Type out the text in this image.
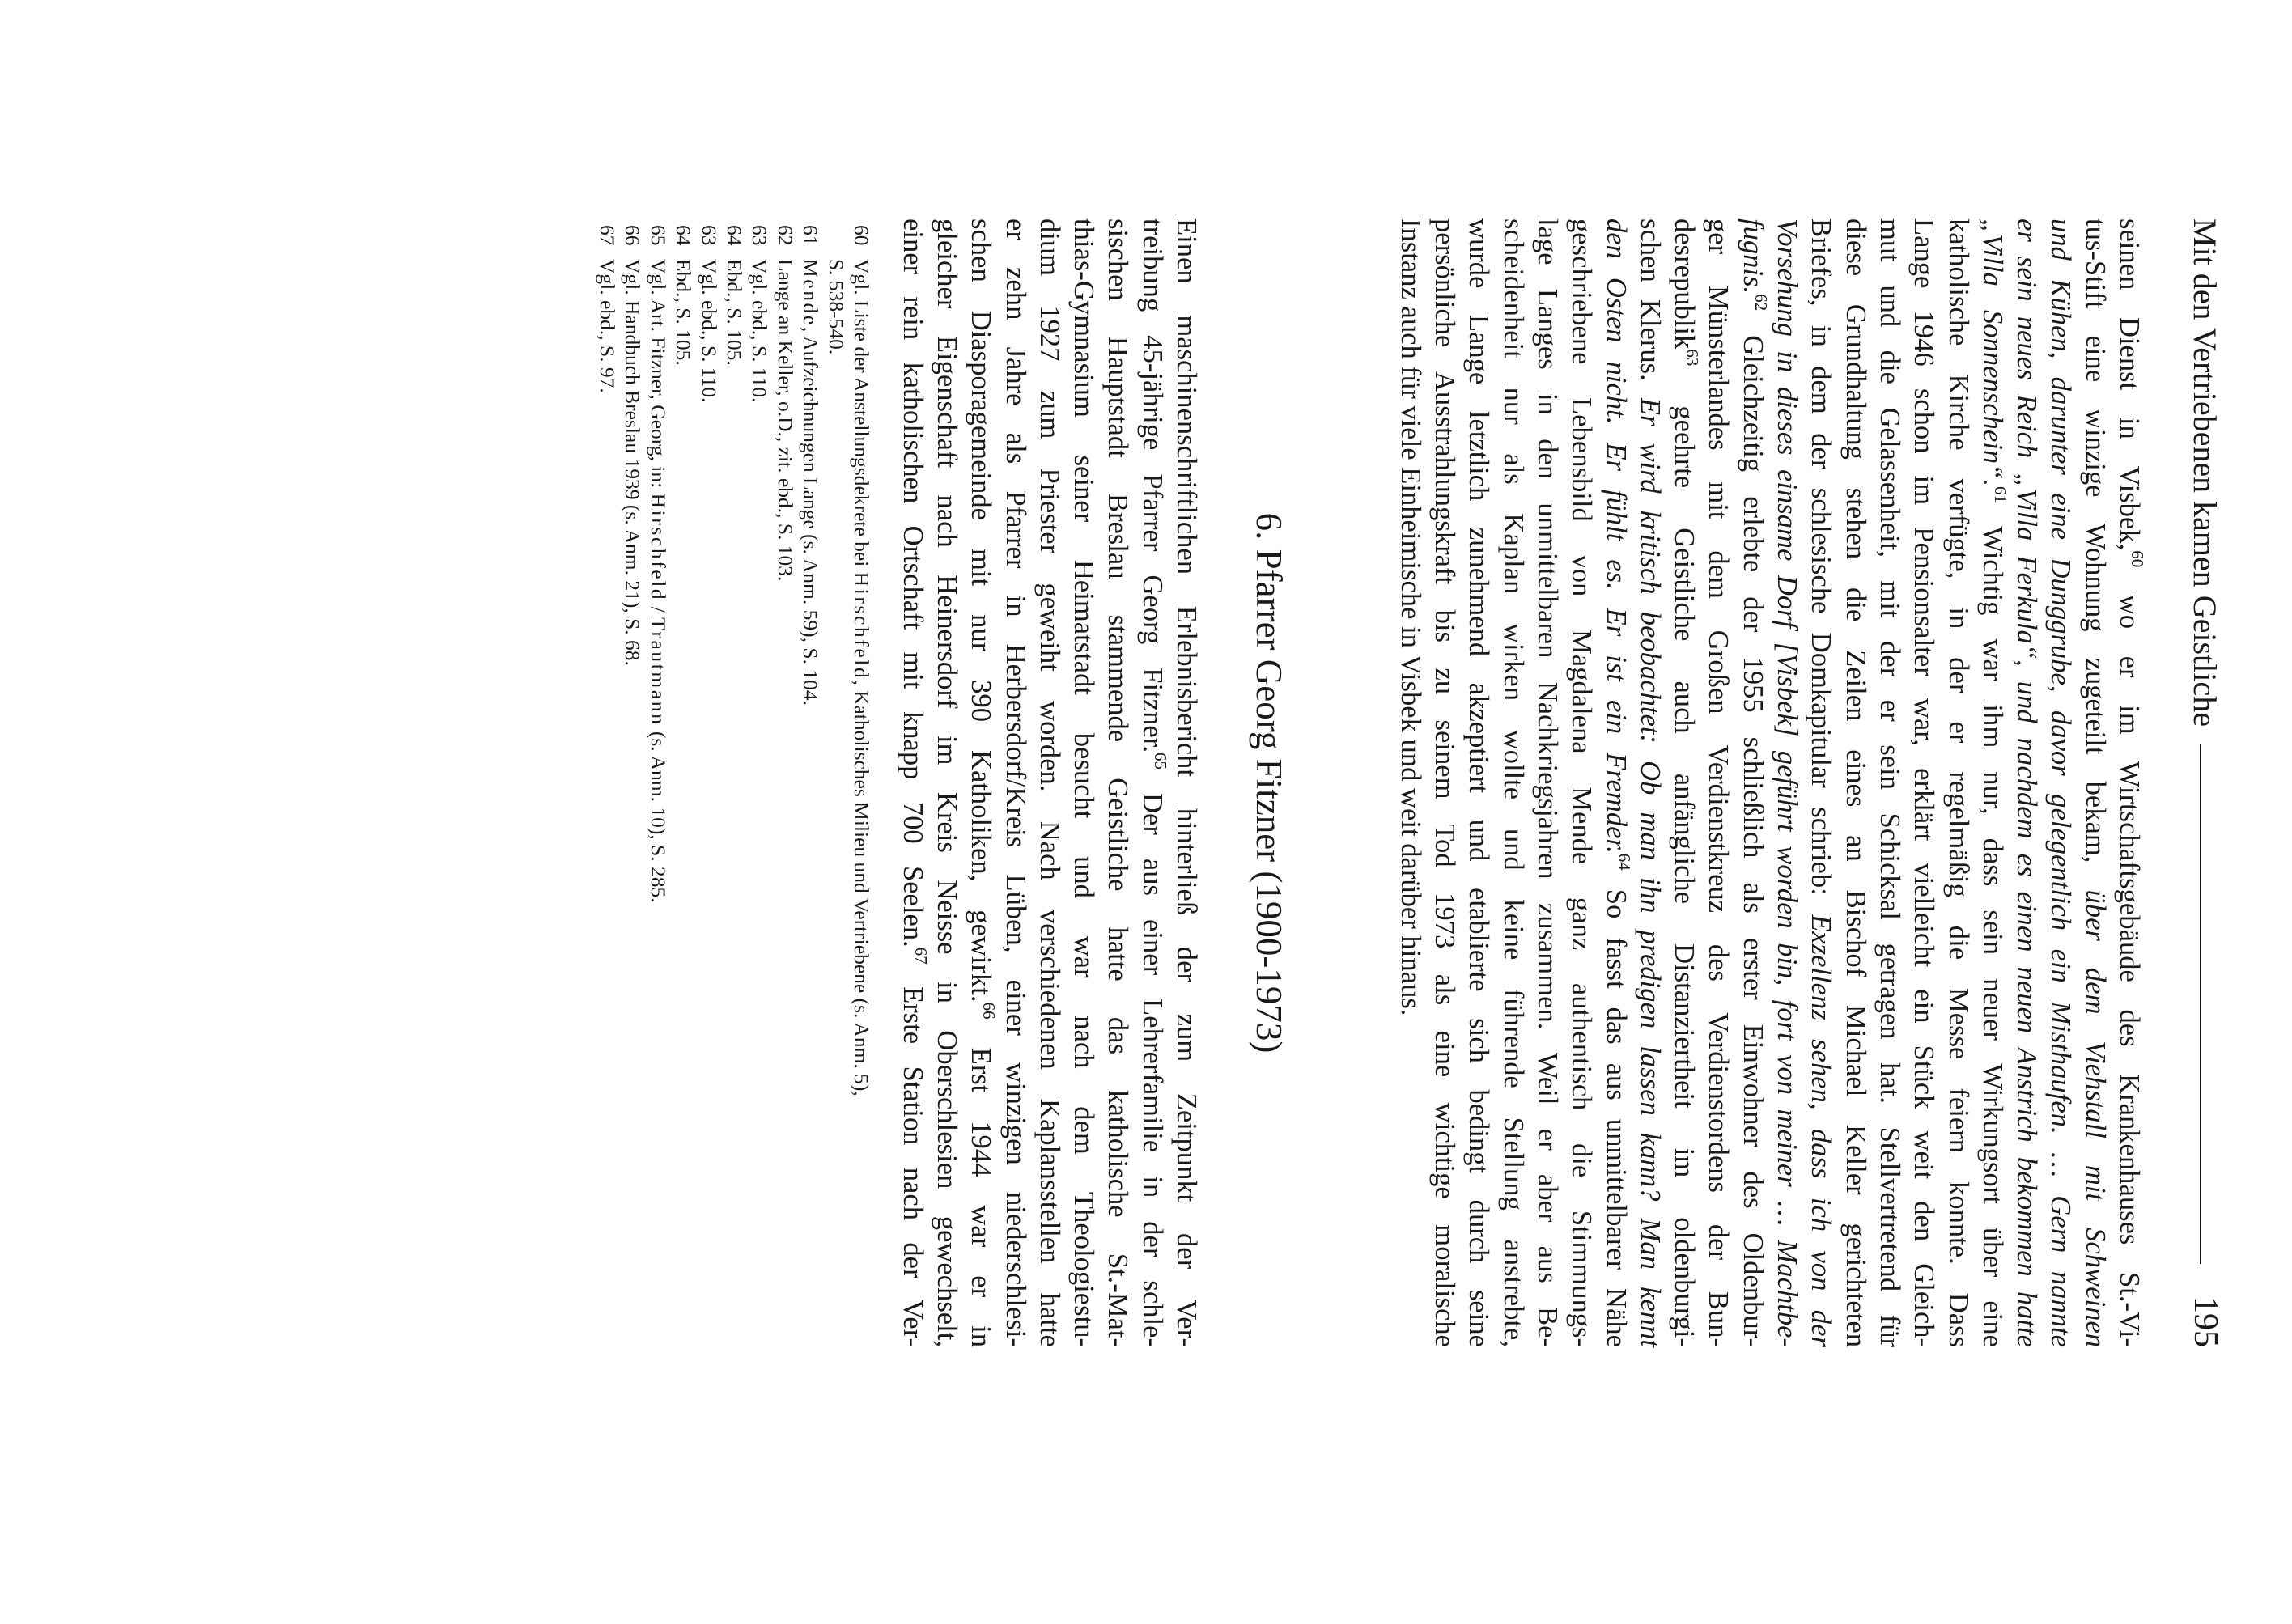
Mit den Vertriebenen kamen Geistliche
195
seinen Dienst in Visbek,$^{60}$ wo er im Wirtschaftsgebäude des Krankenhauses St.-Vi-
tus-Stift eine winzige Wohnung zugeteilt bekam, über dem Viehstall mit Schweinen
und Kühen, darunter eine Dunggrube, davor gelegentlich ein Misthaufen. … Gern nannte
er sein neues Reich „Villa Ferkula“, und nachdem es einen neuen Anstrich bekommen hatte
„Villa Sonnenschein“.$^{61}$ Wichtig war ihm nur, dass sein neuer Wirkungsort über eine
katholische Kirche verfügte, in der er regelmäßig die Messe feiern konnte. Dass
Lange 1946 schon im Pensionsalter war, erklärt vielleicht ein Stück weit den Gleich-
mut und die Gelassenheit, mit der er sein Schicksal getragen hat. Stellvertretend für
diese Grundhaltung stehen die Zeilen eines an Bischof Michael Keller gerichteten
Briefes, in dem der schlesische Domkapitular schrieb: Exzellenz sehen, dass ich von der
Vorsehung in dieses einsame Dorf [Visbek] geführt worden bin, fort von meiner … Machtbe-
fugnis.$^{62}$ Gleichzeitig erlebte der 1955 schließlich als erster Einwohner des Oldenbur-
ger Münsterlandes mit dem Großen Verdienstkreuz des Verdienstordens der Bun-
desrepublik$^{63}$ geehrte Geistliche auch anfängliche Distanziertheit im oldenburgi-
schen Klerus. Er wird kritisch beobachtet: Ob man ihn predigen lassen kann? Man kennt
den Osten nicht. Er fühlt es. Er ist ein Fremder.$^{64}$ So fasst das aus unmittelbarer Nähe
geschriebene Lebensbild von Magdalena Mende ganz authentisch die Stimmungs-
lage Langes in den unmittelbaren Nachkriegsjahren zusammen. Weil er aber aus Be-
scheidenheit nur als Kaplan wirken wollte und keine führende Stellung anstrebte,
wurde Lange letztlich zunehmend akzeptiert und etablierte sich bedingt durch seine
persönliche Ausstrahlungskraft bis zu seinem Tod 1973 als eine wichtige moralische
Instanz auch für viele Einheimische in Visbek und weit darüber hinaus.
6. Pfarrer Georg Fitzner (1900-1973)
Einen maschinenschriftlichen Erlebnisbericht hinterließ der zum Zeitpunkt der Ver-
treibung 45-jährige Pfarrer Georg Fitzner.$^{65}$ Der aus einer Lehrerfamilie in der schle-
sischen Hauptstadt Breslau stammende Geistliche hatte das katholische St.-Mat-
thias-Gymnasium seiner Heimatstadt besucht und war nach dem Theologiestu-
dium 1927 zum Priester geweiht worden. Nach verschiedenen Kaplansstellen hatte
er zehn Jahre als Pfarrer in Herbersdorf/Kreis Lüben, einer winzigen niederschlesi-
schen Diasporagemeinde mit nur 390 Katholiken, gewirkt.$^{66}$ Erst 1944 war er in
gleicher Eigenschaft nach Heinersdorf im Kreis Neisse in Oberschlesien gewechselt,
einer rein katholischen Ortschaft mit knapp 700 Seelen.$^{67}$ Erste Station nach der Ver-
60
Vgl. Liste der Anstellungsdekrete bei Hirschfeld, Katholisches Milieu und Vertriebene (s. Anm. 5),
S. 538-540.
61
Mende, Aufzeichnungen Lange (s. Anm. 59), S. 104.
62
Lange an Keller, o.D., zit. ebd., S. 103.
63
Vgl. ebd., S. 110.
64
Ebd., S. 105.
63
Vgl. ebd., S. 110.
64
Ebd., S. 105.
65
Vgl. Art. Fitzner, Georg, in: Hirschfeld / Trautmann (s. Anm. 10), S. 285.
66
Vgl. Handbuch Breslau 1939 (s. Anm. 21), S. 68.
67
Vgl. ebd., S. 97.
